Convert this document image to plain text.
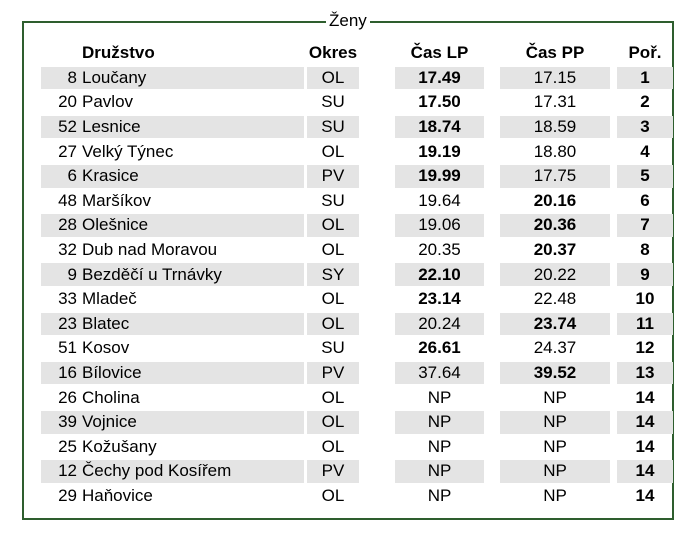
Ženy
	Družstvo		Okres		Čas LP		Čas PP		Poř.
8	Loučany		OL		17.49		17.15		1
20	Pavlov		SU		17.50		17.31		2
52	Lesnice		SU		18.74		18.59		3
27	Velký Týnec		OL		19.19		18.80		4
6	Krasice		PV		19.99		17.75		5
48	Maršíkov		SU		19.64		20.16		6
28	Olešnice		OL		19.06		20.36		7
32	Dub nad Moravou		OL		20.35		20.37		8
9	Bezděčí u Trnávky		SY		22.10		20.22		9
33	Mladeč		OL		23.14		22.48		10
23	Blatec		OL		20.24		23.74		11
51	Kosov		SU		26.61		24.37		12
16	Bílovice		PV		37.64		39.52		13
26	Cholina		OL		NP		NP		14
39	Vojnice		OL		NP		NP		14
25	Kožušany		OL		NP		NP		14
12	Čechy pod Kosířem		PV		NP		NP		14
29	Haňovice		OL		NP		NP		14
